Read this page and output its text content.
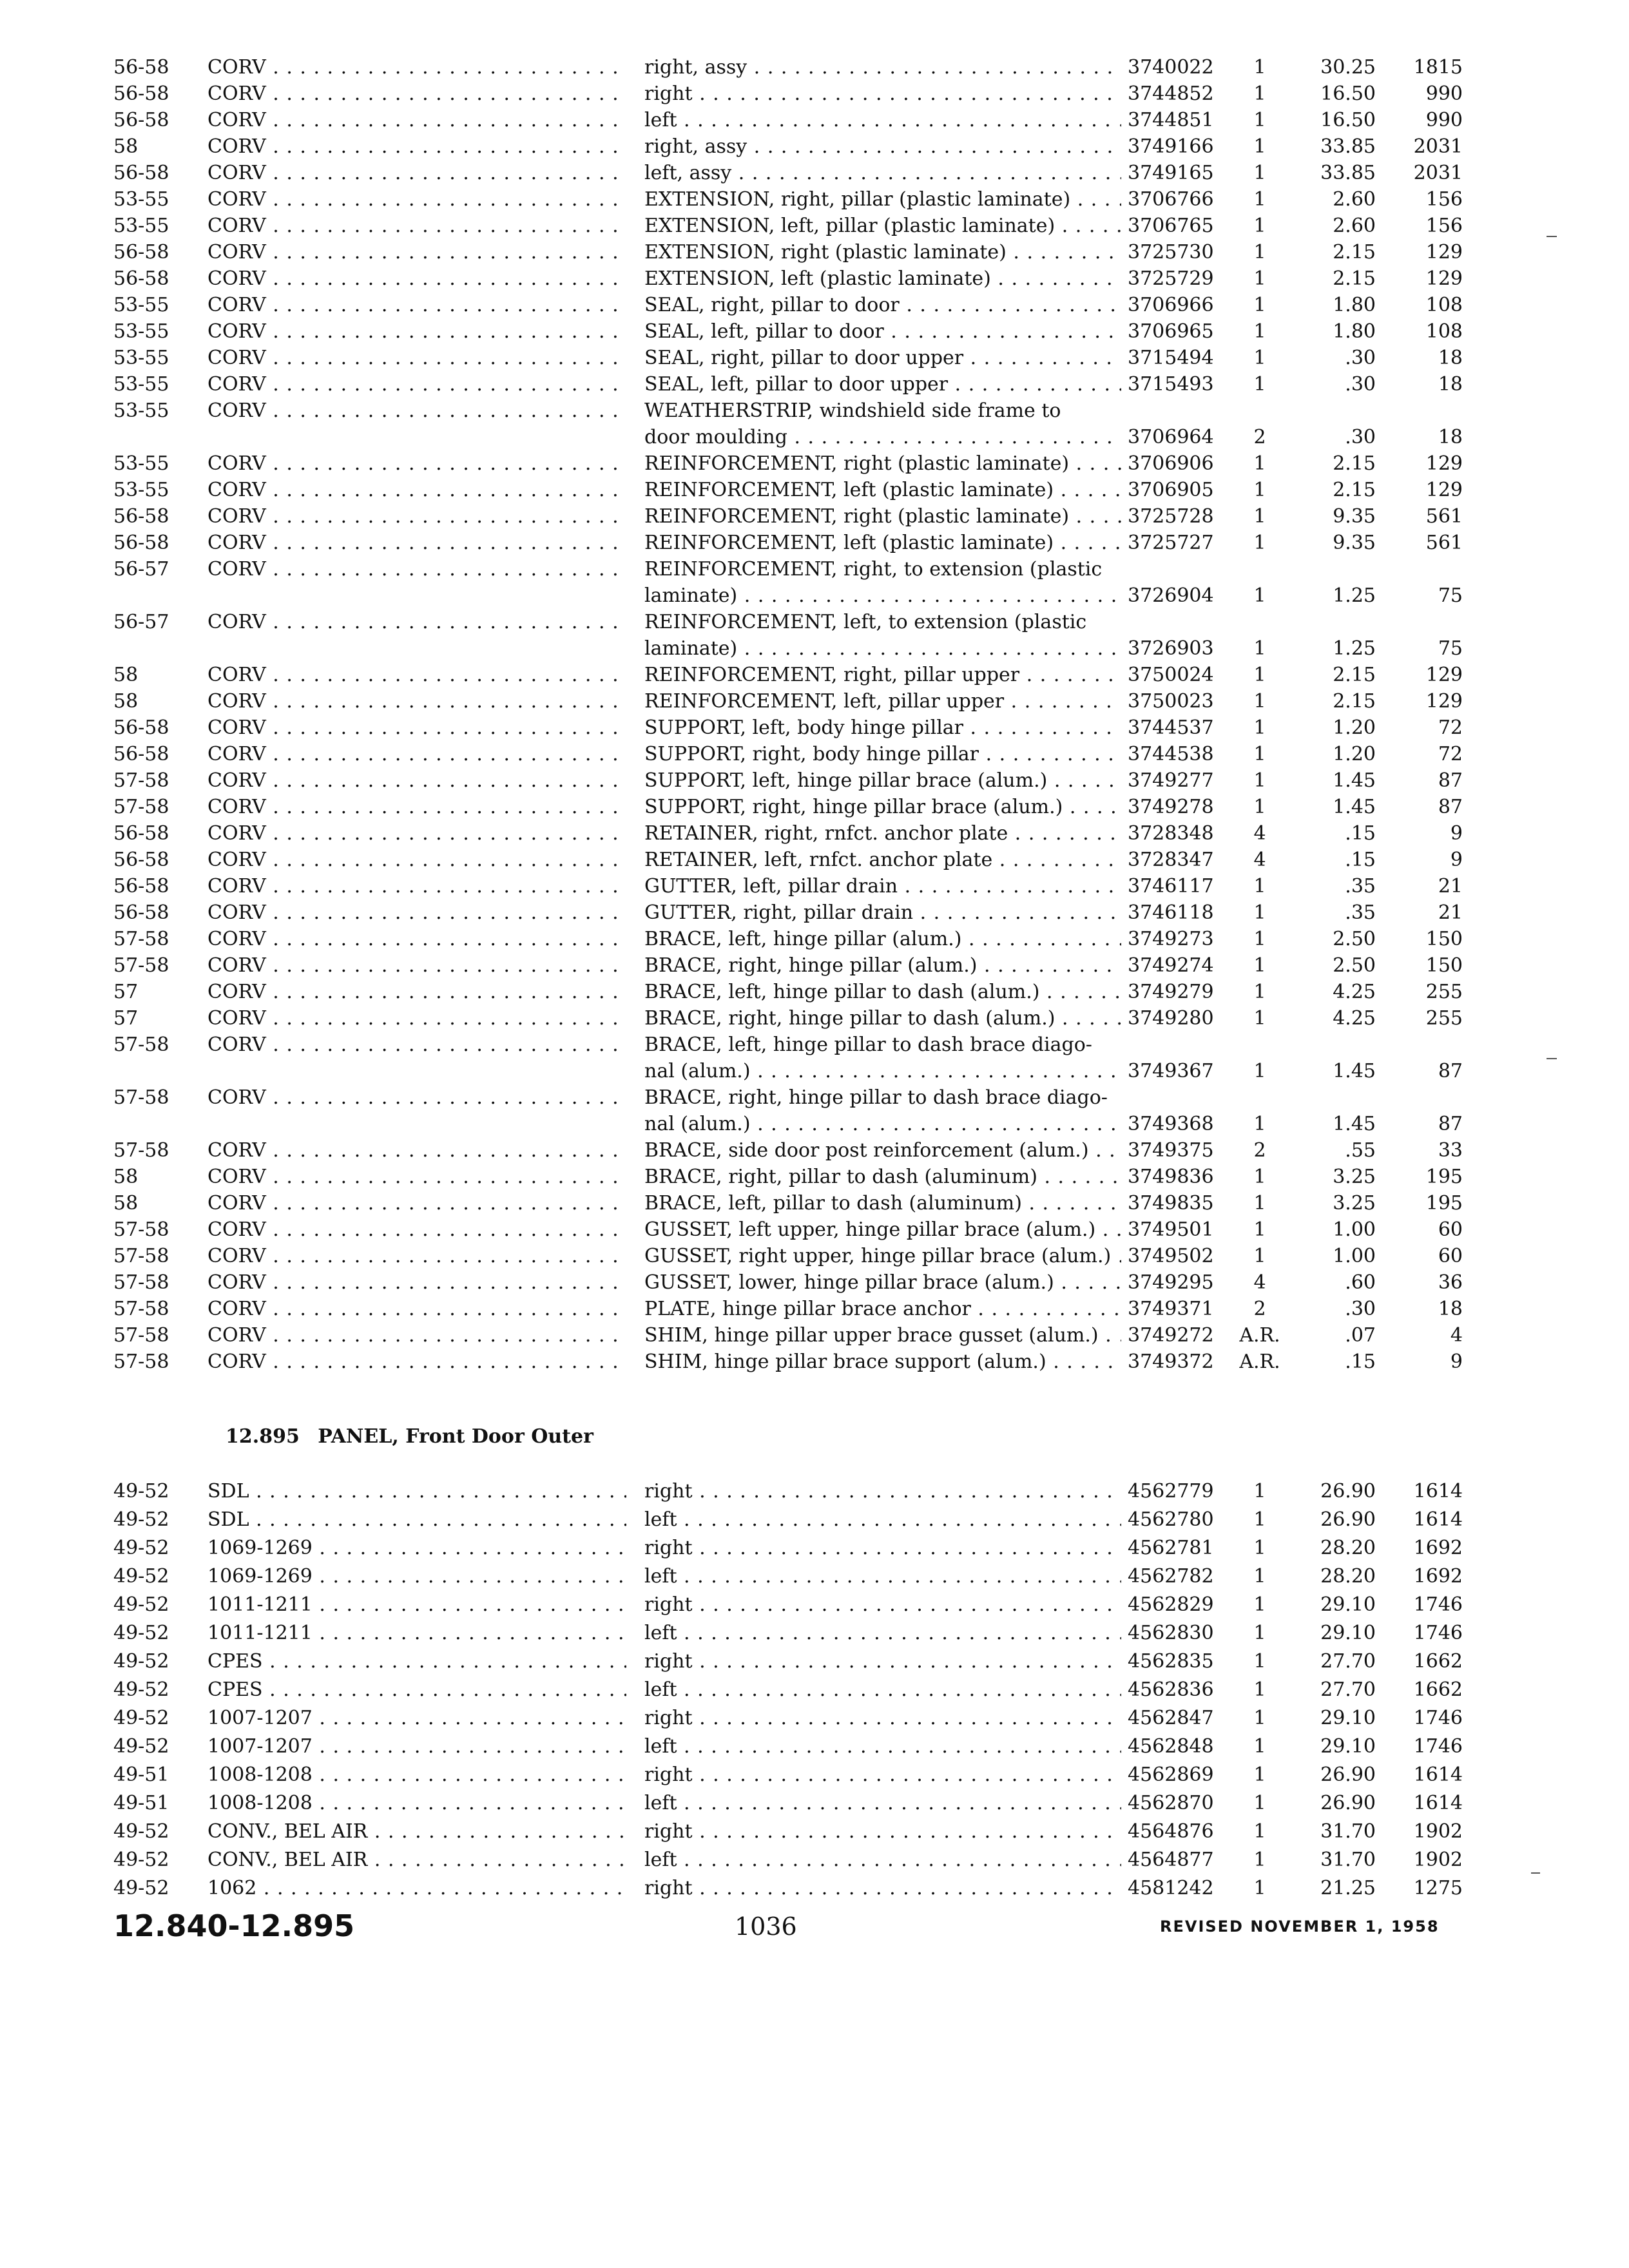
56-58	CORV . . .	right, assy . . .	3740022	1	30.25	1815
56-58	CORV . . .	right . . .	3744852	1	16.50	990
56-58	CORV . . .	left . . .	3744851	1	16.50	990
58	CORV . . .	right, assy . . .	3749166	1	33.85	2031
56-58	CORV . . .	left, assy . . .	3749165	1	33.85	2031
53-55	CORV . . .	EXTENSION, right, pillar (plastic laminate) . . .	3706766	1	2.60	156
53-55	CORV . . .	EXTENSION, left, pillar (plastic laminate) . . .	3706765	1	2.60	156
56-58	CORV . . .	EXTENSION, right (plastic laminate) . . .	3725730	1	2.15	129
56-58	CORV . . .	EXTENSION, left (plastic laminate) . . .	3725729	1	2.15	129
53-55	CORV . . .	SEAL, right, pillar to door . . .	3706966	1	1.80	108
53-55	CORV . . .	SEAL, left, pillar to door . . .	3706965	1	1.80	108
53-55	CORV . . .	SEAL, right, pillar to door upper . . .	3715494	1	.30	18
53-55	CORV . . .	SEAL, left, pillar to door upper . . .	3715493	1	.30	18
53-55	CORV . . .	WEATHERSTRIP, windshield side frame to
door moulding . . .	3706964	2	.30	18
53-55	CORV . . .	REINFORCEMENT, right (plastic laminate) . . .	3706906	1	2.15	129
53-55	CORV . . .	REINFORCEMENT, left (plastic laminate) . . .	3706905	1	2.15	129
56-58	CORV . . .	REINFORCEMENT, right (plastic laminate) . . .	3725728	1	9.35	561
56-58	CORV . . .	REINFORCEMENT, left (plastic laminate) . . .	3725727	1	9.35	561
56-57	CORV . . .	REINFORCEMENT, right, to extension (plastic
laminate) . . .	3726904	1	1.25	75
56-57	CORV . . .	REINFORCEMENT, left, to extension (plastic
laminate) . . .	3726903	1	1.25	75
58	CORV . . .	REINFORCEMENT, right, pillar upper . . .	3750024	1	2.15	129
58	CORV . . .	REINFORCEMENT, left, pillar upper . . .	3750023	1	2.15	129
56-58	CORV . . .	SUPPORT, left, body hinge pillar . . .	3744537	1	1.20	72
56-58	CORV . . .	SUPPORT, right, body hinge pillar . . .	3744538	1	1.20	72
57-58	CORV . . .	SUPPORT, left, hinge pillar brace (alum.) . . .	3749277	1	1.45	87
57-58	CORV . . .	SUPPORT, right, hinge pillar brace (alum.) . . .	3749278	1	1.45	87
56-58	CORV . . .	RETAINER, right, rnfct. anchor plate . . .	3728348	4	.15	9
56-58	CORV . . .	RETAINER, left, rnfct. anchor plate . . .	3728347	4	.15	9
56-58	CORV . . .	GUTTER, left, pillar drain . . .	3746117	1	.35	21
56-58	CORV . . .	GUTTER, right, pillar drain . . .	3746118	1	.35	21
57-58	CORV . . .	BRACE, left, hinge pillar (alum.) . . .	3749273	1	2.50	150
57-58	CORV . . .	BRACE, right, hinge pillar (alum.) . . .	3749274	1	2.50	150
57	CORV . . .	BRACE, left, hinge pillar to dash (alum.) . . .	3749279	1	4.25	255
57	CORV . . .	BRACE, right, hinge pillar to dash (alum.) . . .	3749280	1	4.25	255
57-58	CORV . . .	BRACE, left, hinge pillar to dash brace diago-
nal (alum.) . . .	3749367	1	1.45	87
57-58	CORV . . .	BRACE, right, hinge pillar to dash brace diago-
nal (alum.) . . .	3749368	1	1.45	87
57-58	CORV . . .	BRACE, side door post reinforcement (alum.) . . .	3749375	2	.55	33
58	CORV . . .	BRACE, right, pillar to dash (aluminum) . . .	3749836	1	3.25	195
58	CORV . . .	BRACE, left, pillar to dash (aluminum) . . .	3749835	1	3.25	195
57-58	CORV . . .	GUSSET, left upper, hinge pillar brace (alum.) . . .	3749501	1	1.00	60
57-58	CORV . . .	GUSSET, right upper, hinge pillar brace (alum.) . . . 3749502	1	1.00	60
57-58	CORV . . .	GUSSET, lower, hinge pillar brace (alum.) . . .	3749295	4	.60	36
57-58	CORV . . .	PLATE, hinge pillar brace anchor . . .	3749371	2	.30	18
57-58	CORV . . .	SHIM, hinge pillar upper brace gusset (alum.) . . .	3749272	A.R.	.07	4
57-58	CORV . . .	SHIM, hinge pillar brace support (alum.) . . .	3749372	A.R.	.15	9
12.895 PANEL, Front Door Outer
49-52	SDL . . .	right . . .	4562779	1	26.90	1614
49-52	SDL . . .	left . . .	4562780	1	26.90	1614
49-52	1069-1269 . . .	right . . .	4562781	1	28.20	1692
49-52	1069-1269 . . .	left . . .	4562782	1	28.20	1692
49-52	1011-1211 . . .	right . . .	4562829	1	29.10	1746
49-52	1011-1211 . . .	left . . .	4562830	1	29.10	1746
49-52	CPES . . .	right . . .	4562835	1	27.70	1662
49-52	CPES . . .	left . . .	4562836	1	27.70	1662
49-52	1007-1207 . . .	right . . .	4562847	1	29.10	1746
49-52	1007-1207 . . .	left . . .	4562848	1	29.10	1746
49-51	1008-1208 . . .	right . . .	4562869	1	26.90	1614
49-51	1008-1208 . . .	left . . .	4562870	1	26.90	1614
49-52	CONV., BEL AIR . . .	right . . .	4564876	1	31.70	1902
49-52	CONV., BEL AIR . . .	left . . .	4564877	1	31.70	1902
49-52	1062 . . .	right . . .	4581242	1	21.25	1275
12.840-12.895	1036	REVISED NOVEMBER 1, 1958
